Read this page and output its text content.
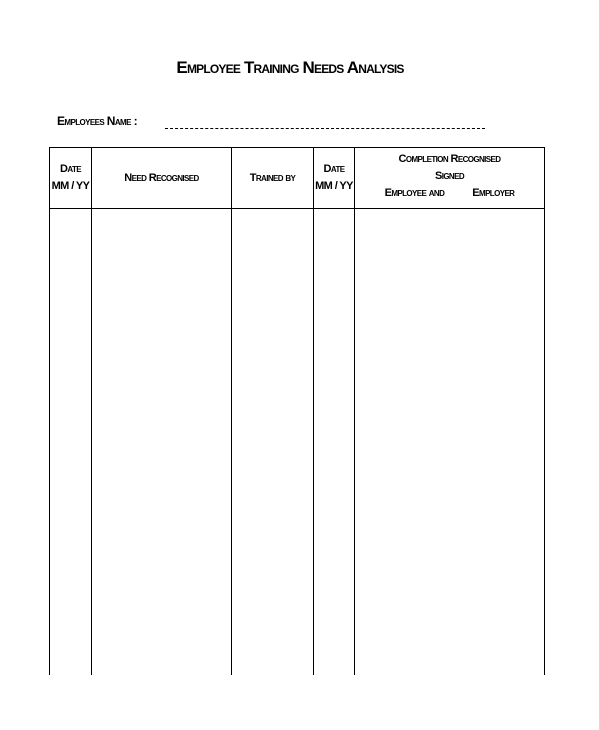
Employee Training Needs Analysis
Employees Name :
Date
MM / YY
Need Recognised	Trained by
Date
MM / YY
Completion Recognised
Signed
Employee and	Employer
